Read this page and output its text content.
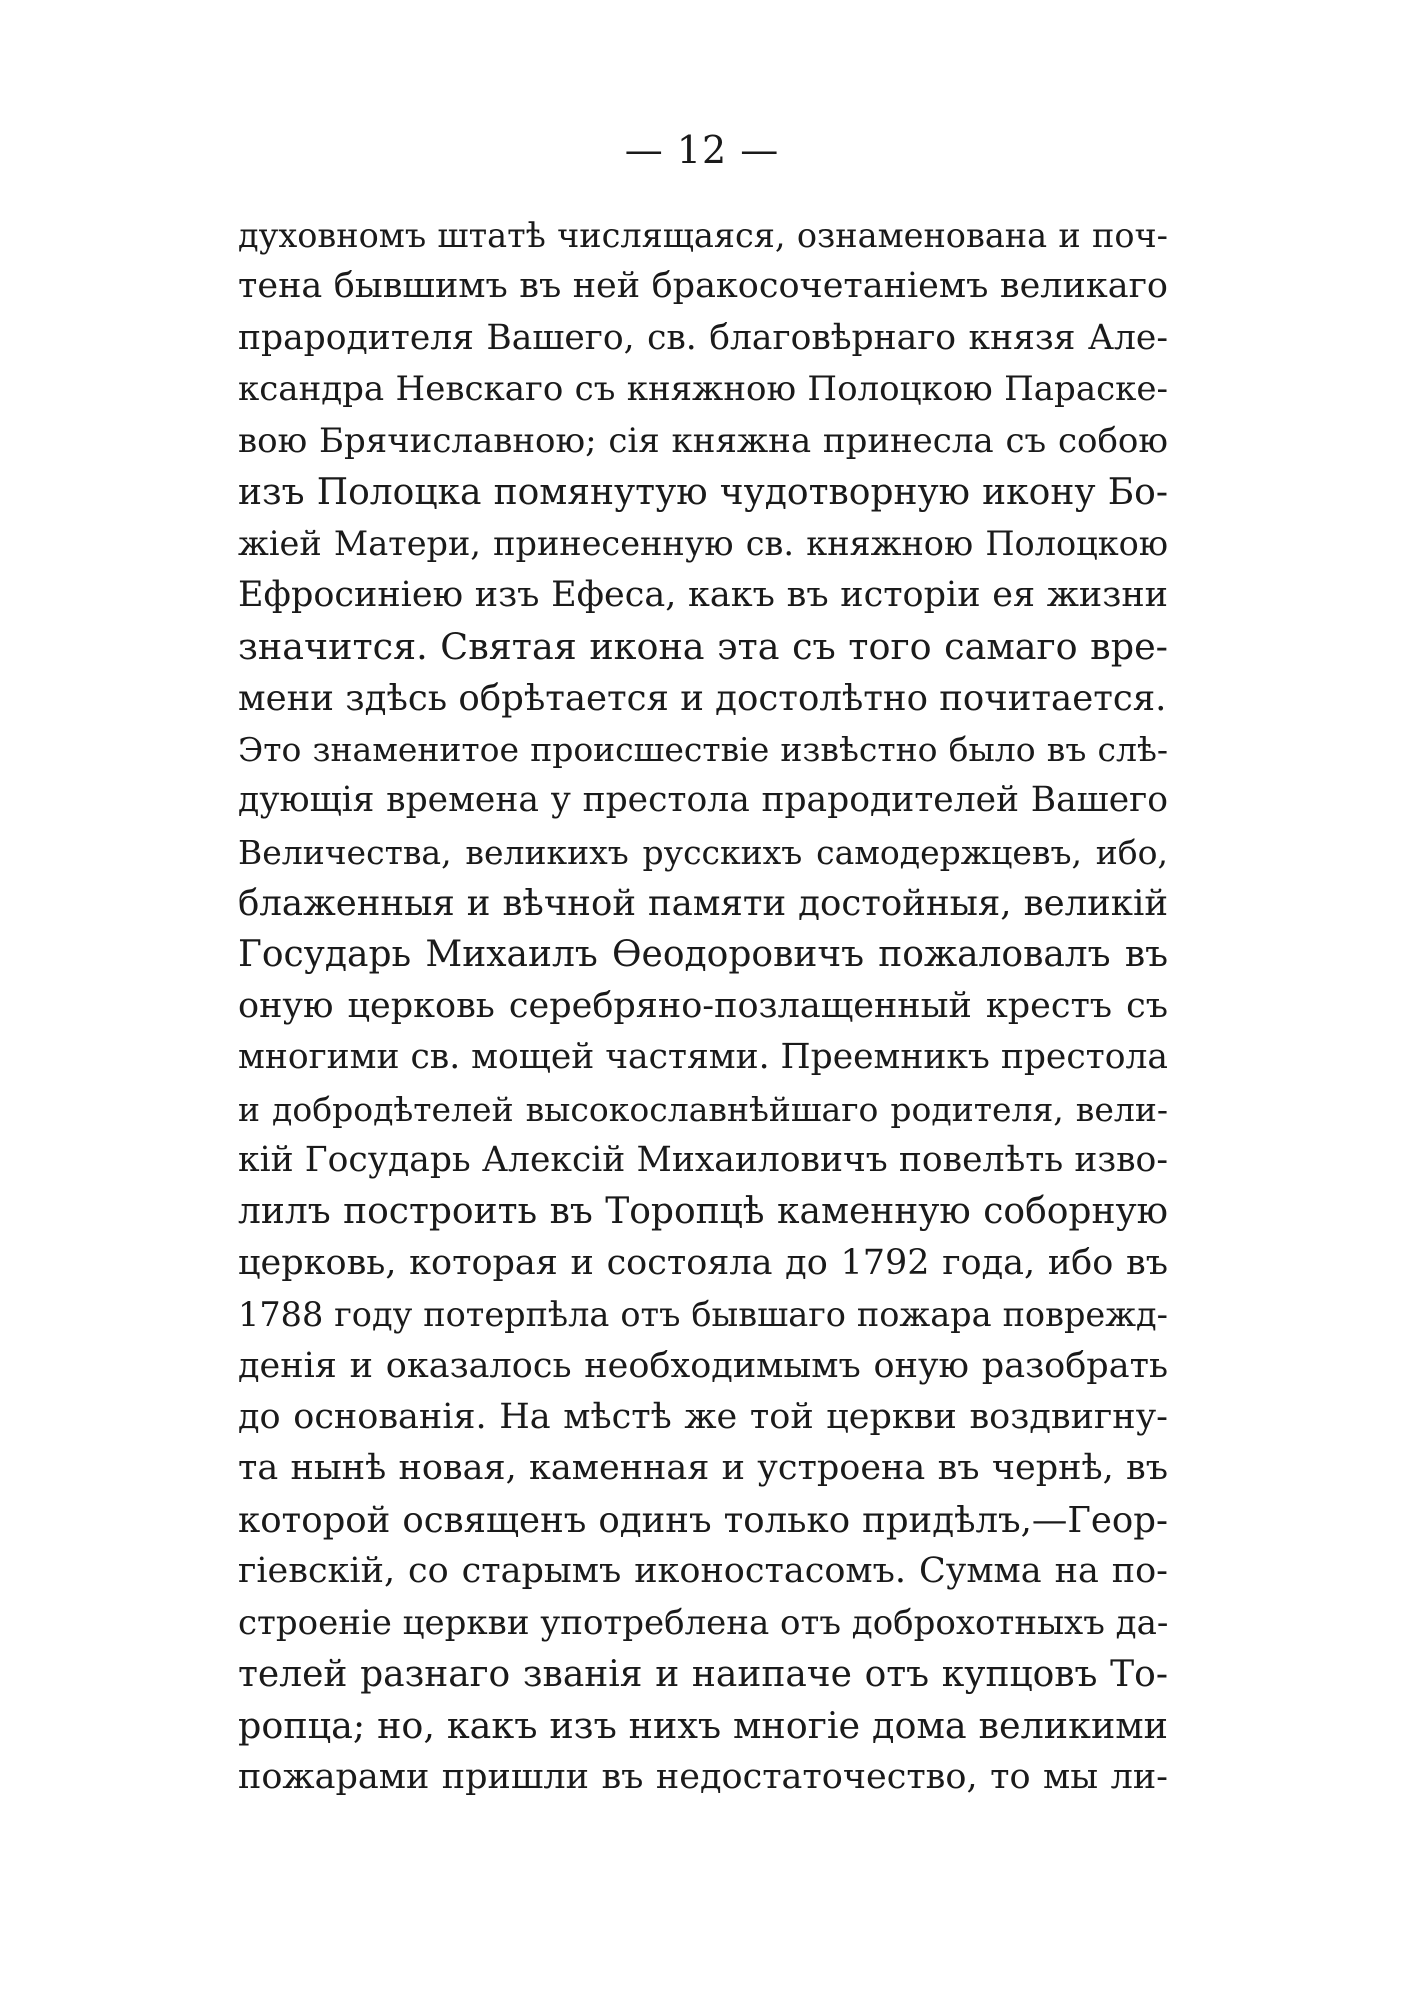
— 12 —
духовномъ штатѣ числящаяся, ознаменована и поч-
тена бывшимъ въ ней бракосочетаніемъ великаго
прародителя Вашего, св. благовѣрнаго князя Але-
ксандра Невскаго съ княжною Полоцкою Параске-
вою Брячиславною; сія княжна принесла съ собою
изъ Полоцка помянутую чудотворную икону Бо-
жіей Матери, принесенную св. княжною Полоцкою
Ефросиніею изъ Ефеса, какъ въ исторіи ея жизни
значится. Святая икона эта съ того самаго вре-
мени здѣсь обрѣтается и достолѣтно почитается.
Это знаменитое происшествіе извѣстно было въ слѣ-
дующія времена у престола прародителей Вашего
Величества, великихъ русскихъ самодержцевъ, ибо,
блаженныя и вѣчной памяти достойныя, великій
Государь Михаилъ Ѳеодоровичъ пожаловалъ въ
оную церковь серебряно-позлащенный крестъ съ
многими св. мощей частями. Преемникъ престола
и добродѣтелей высокославнѣйшаго родителя, вели-
кій Государь Алексій Михаиловичъ повелѣть изво-
лилъ построить въ Торопцѣ каменную соборную
церковь, которая и состояла до 1792 года, ибо въ
1788 году потерпѣла отъ бывшаго пожара поврежд-
денія и оказалось необходимымъ оную разобрать
до основанія. На мѣстѣ же той церкви воздвигну-
та нынѣ новая, каменная и устроена въ чернѣ, въ
которой освященъ одинъ только придѣлъ,—Геор-
гіевскій, со старымъ иконостасомъ. Сумма на по-
строеніе церкви употреблена отъ доброхотныхъ да-
телей разнаго званія и наипаче отъ купцовъ То-
ропца; но, какъ изъ нихъ многіе дома великими
пожарами пришли въ недостаточество, то мы ли-
